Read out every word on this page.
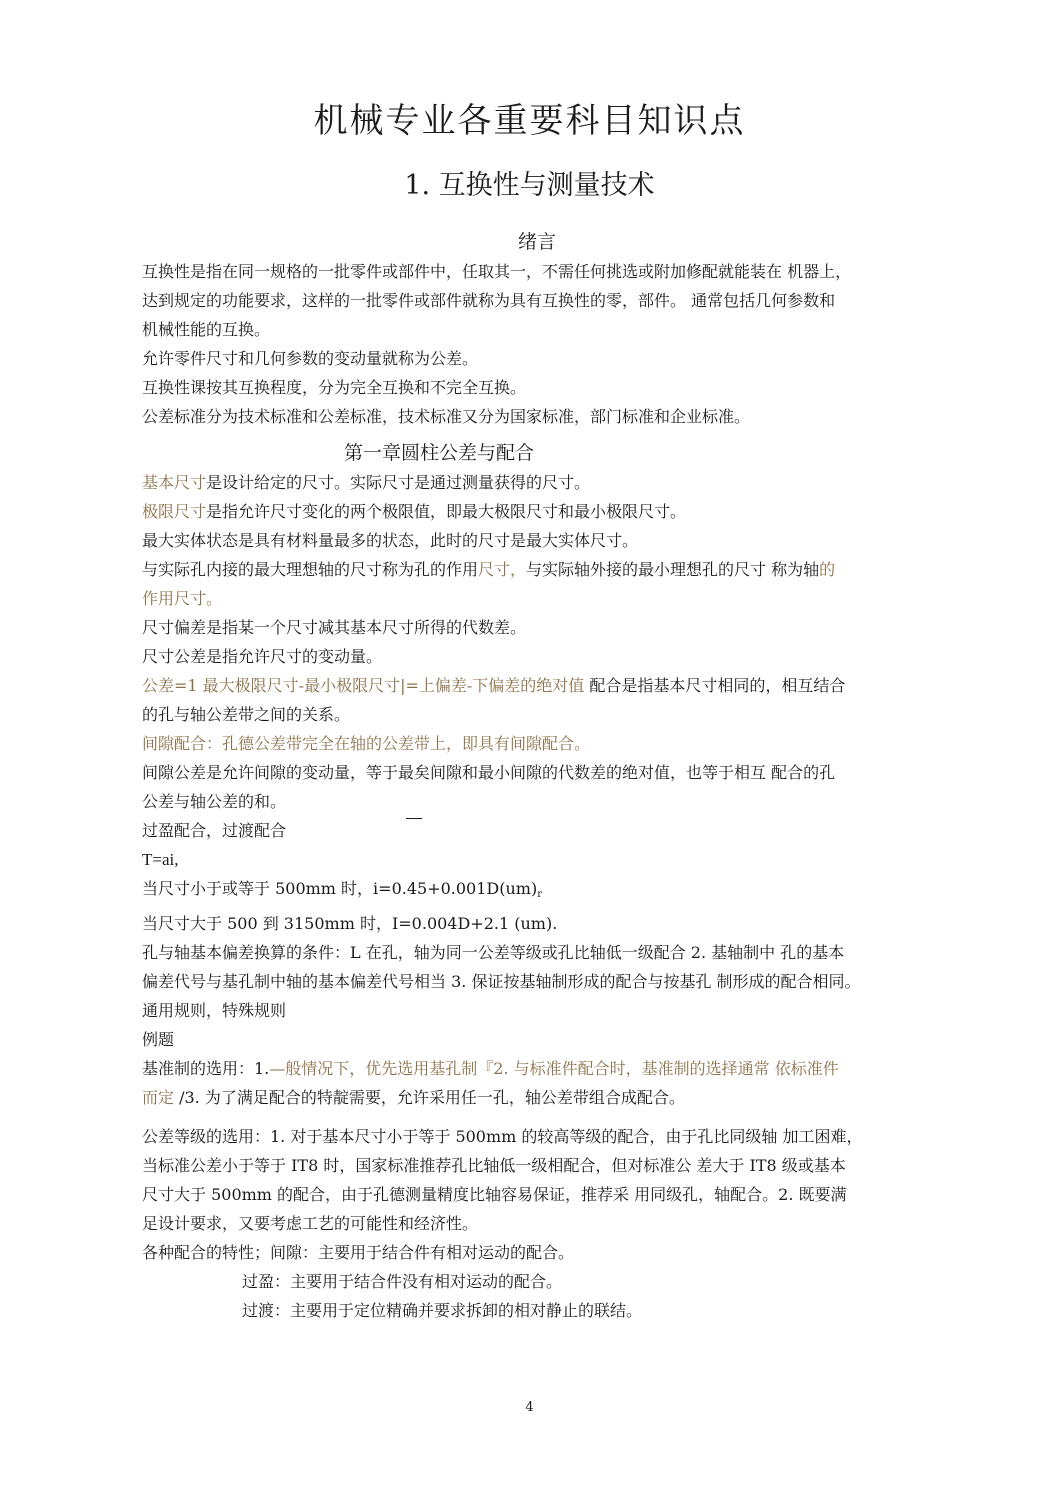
机械专业各重要科目知识点
1. 互换性与测量技术

绪言

互换性是指在同一规格的一批零件或部件中，任取其一，不需任何挑选或附加修配就能装在 机器上，

达到规定的功能要求，这样的一批零件或部件就称为具有互换性的零，部件。 通常包括几何参数和

机械性能的互换。

允许零件尺寸和几何参数的变动量就称为公差。

互换性课按其互换程度，分为完全互换和不完全互换。

公差标准分为技术标准和公差标准，技术标准又分为国家标准，部门标准和企业标准。

第一章圆柱公差与配合

基本尺寸是设计给定的尺寸。实际尺寸是通过测量获得的尺寸。

极限尺寸是指允许尺寸变化的两个极限值，即最大极限尺寸和最小极限尺寸。

最大实体状态是具有材料量最多的状态，此时的尺寸是最大实体尺寸。

与实际孔内接的最大理想轴的尺寸称为孔的作用尺寸，与实际轴外接的最小理想孔的尺寸 称为轴的

作用尺寸。

尺寸偏差是指某一个尺寸减其基本尺寸所得的代数差。

尺寸公差是指允许尺寸的变动量。

公差=1 最大极限尺寸-最小极限尺寸|=上偏差-下偏差的绝对值 配合是指基本尺寸相同的，相互结合

的孔与轴公差带之间的关系。

间隙配合：孔德公差带完全在轴的公差带上，即具有间隙配合。

间隙公差是允许间隙的变动量，等于最矣间隙和最小间隙的代数差的绝对值，也等于相互 配合的孔

公差与轴公差的和。

过盈配合，过渡配合

T=ai,

当尺寸小于或等于 500mm 时，$i=0.45+0.001D(um)_r$

当尺寸大于 500 到 3150mm 时，I=0.004D+2.1 (um).

孔与轴基本偏差换算的条件：L 在孔，轴为同一公差等级或孔比轴低一级配合 2. 基轴制中 孔的基本

偏差代号与基孔制中轴的基本偏差代号相当 3. 保证按基轴制形成的配合与按基孔 制形成的配合相同。

通用规则，特殊规则

例题

基准制的选用：1.—般情况下，优先选用基孔制『2. 与标准件配合时，基准制的选择通常 依标准件

而定 /3. 为了满足配合的特靛需要，允许采用任一孔，轴公差带组合成配合。

公差等级的选用：1. 对于基本尺寸小于等于 500mm 的较高等级的配合，由于孔比同级轴 加工困难，

当标准公差小于等于 IT8 时，国家标准推荐孔比轴低一级相配合，但对标准公 差大于 IT8 级或基本

尺寸大于 500mm 的配合，由于孔德测量精度比轴容易保证，推荐采 用同级孔，轴配合。2. 既要满

足设计要求，又要考虑工艺的可能性和经济性。

各种配合的特性；间隙：主要用于结合件有相对运动的配合。

过盈：主要用于结合件没有相对运动的配合。

过渡：主要用于定位精确并要求拆卸的相对静止的联结。

4
